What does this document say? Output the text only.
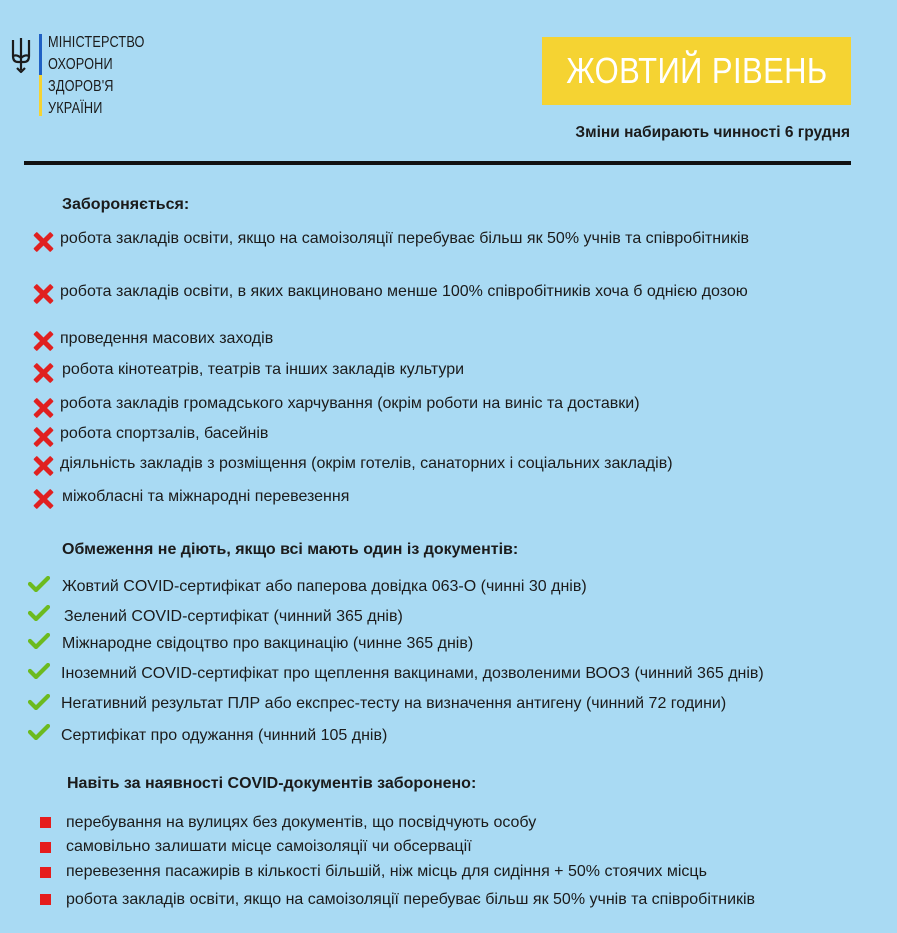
МІНІСТЕРСТВО
ОХОРОНИ
ЗДОРОВ'Я
УКРАЇНИ
ЖОВТИЙ РІВЕНЬ
Зміни набирають чинності 6 грудня
Забороняється:
робота закладів освіти, якщо на самоізоляції перебуває більш як 50% учнів та співробітників
робота закладів освіти, в яких вакциновано менше 100% співробітників хоча б однією дозою
проведення масових заходів
робота кінотеатрів, театрів та інших закладів культури
робота закладів громадського харчування (окрім роботи на виніс та доставки)
робота спортзалів, басейнів
діяльність закладів з розміщення (окрім готелів, санаторних і соціальних закладів)
міжобласні та міжнародні перевезення
Обмеження не діють, якщо всі мають один із документів:
Жовтий COVID-сертифікат або паперова довідка 063-О (чинні 30 днів)
Зелений COVID-сертифікат (чинний 365 днів)
Міжнародне свідоцтво про вакцинацію (чинне 365 днів)
Іноземний COVID-сертифікат про щеплення вакцинами, дозволеними ВООЗ (чинний 365 днів)
Негативний результат ПЛР або експрес-тесту на визначення антигену (чинний 72 години)
Сертифікат про одужання (чинний 105 днів)
Навіть за наявності COVID-документів заборонено:
перебування на вулицях без документів, що посвідчують особу
самовільно залишати місце самоізоляції чи обсервації
перевезення пасажирів в кількості більшій, ніж місць для сидіння + 50% стоячих місць
робота закладів освіти, якщо на самоізоляції перебуває більш як 50% учнів та співробітників
